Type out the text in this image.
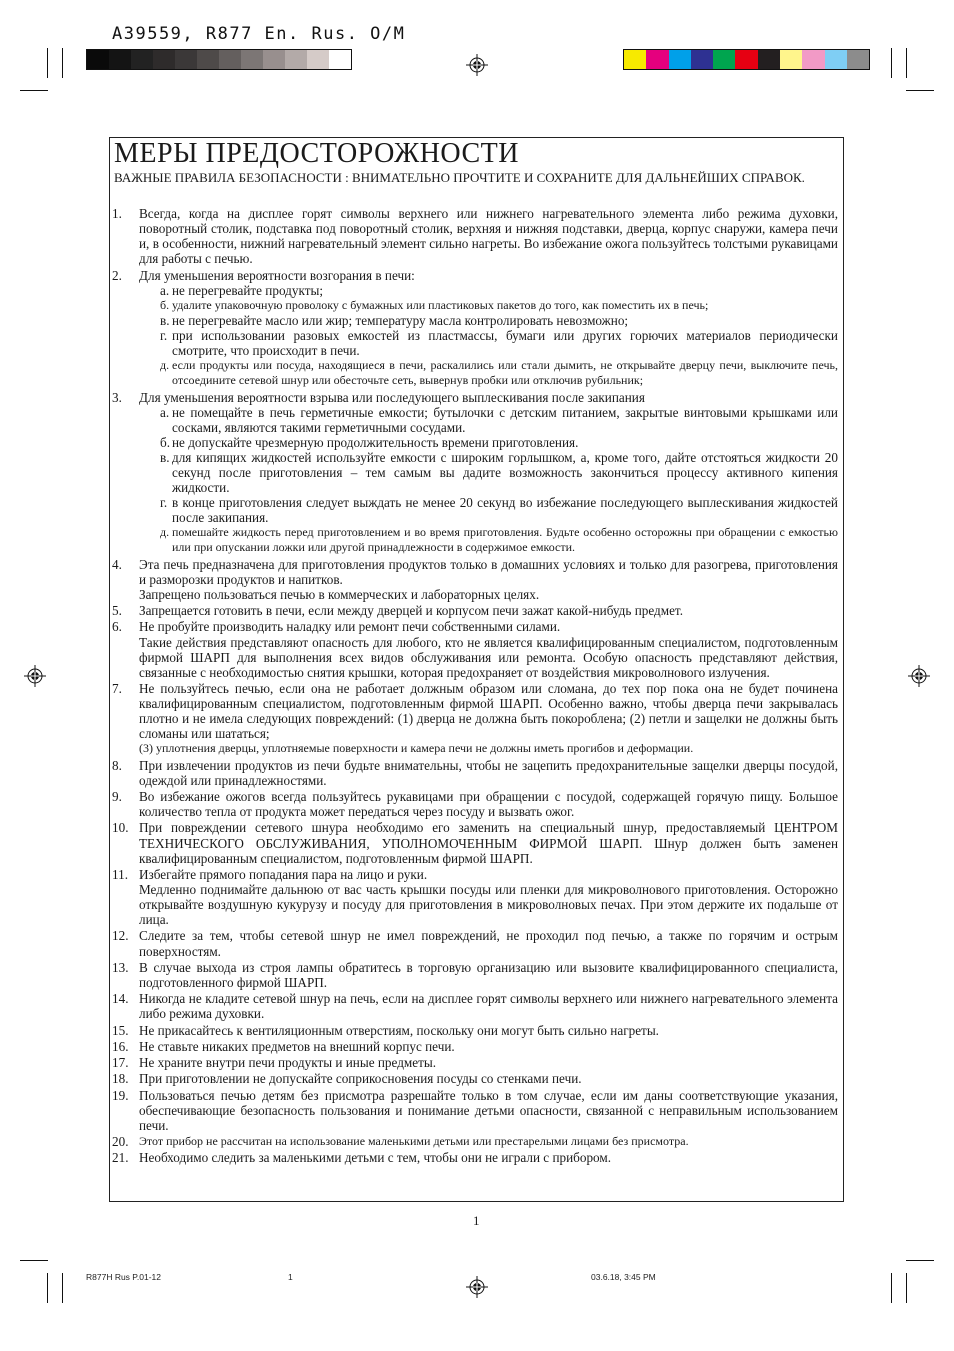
A39559, R877 En. Rus. O/M
МЕРЫ ПРЕДОСТОРОЖНОСТИ

ВАЖНЫЕ ПРАВИЛА БЕЗОПАСНОСТИ : ВНИМАТЕЛЬНО ПРОЧТИТЕ И СОХРАНИТЕ ДЛЯ ДАЛЬНЕЙШИХ СПРАВОК.

1.	Всегда, когда на дисплее горят символы верхнего или нижнего нагревательного элемента либо режима духовки, поворотный столик, подставка под поворотный столик, верхняя и нижняя подставки, дверца, корпус снаружи, камера печи и, в особенности, нижний нагревательный элемент сильно нагреты. Во избежание ожога пользуйтесь толстыми рукавицами для работы с печью.
2.	Для уменьшения вероятности возгорания в печи:
a. не перегревайте продукты;
б. удалите упаковочную проволоку с бумажных или пластиковых пакетов до того, как поместить их в печь;
в. не перегревайте масло или жир; температуру масла контролировать невозможно;
г. при использовании разовых емкостей из пластмассы, бумаги или других горючих материалов периодически смотрите, что происходит в печи.
д. если продукты или посуда, находящиеся в печи, раскалились или стали дымить, не открывайте дверцу печи, выключите печь, отсоедините сетевой шнур или обесточьте сеть, вывернув пробки или отключив рубильник;
3.	Для уменьшения вероятности взрыва или последующего выплескивания после закипания
a. не помещайте в печь герметичные емкости; бутылочки с детским питанием, закрытые винтовыми крышками или сосками, являются такими герметичными сосудами.
б. не допускайте чрезмерную продолжительность времени приготовления.
в. для кипящих жидкостей используйте емкости с широким горлышком, а, кроме того, дайте отстояться жидкости 20 секунд после приготовления – тем самым вы дадите возможность закончиться процессу активного кипения жидкости.
г. в конце приготовления следует выждать не менее 20 секунд во избежание последующего выплескивания жидкостей после закипания.
д. помешайте жидкость перед приготовлением и во время приготовления. Будьте особенно осторожны при обращении с емкостью или при опускании ложки или другой принадлежности в содержимое емкости.
4.	Эта печь предназначена для приготовления продуктов только в домашних условиях и только для разогрева, приготовления и разморозки продуктов и напитков.
Запрещено пользоваться печью в коммерческих и лабораторных целях.
5.	Запрещается готовить в печи, если между дверцей и корпусом печи зажат какой-нибудь предмет.
6.	Не пробуйте производить наладку или ремонт печи собственными силами.
Такие действия представляют опасность для любого, кто не является квалифицированным специалистом, подготовленным фирмой ШАРП для выполнения всех видов обслуживания или ремонта. Особую опасность представляют действия, связанные с необходимостью снятия крышки, которая предохраняет от воздействия микроволнового излучения.
7.	Не пользуйтесь печью, если она не работает должным образом или сломана, до тех пор пока она не будет починена квалифицированным специалистом, подготовленным фирмой ШАРП. Особенно важно, чтобы дверца печи закрывалась плотно и не имела следующих повреждений: (1) дверца не должна быть покороблена; (2) петли и защелки не должны быть сломаны или шататься;
(3) уплотнения дверцы, уплотняемые поверхности и камера печи не должны иметь прогибов и деформации.
8.	При извлечении продуктов из печи будьте внимательны, чтобы не зацепить предохранительные защелки дверцы посудой, одеждой или принадлежностями.
9.	Во избежание ожогов всегда пользуйтесь рукавицами при обращении с посудой, содержащей горячую пищу. Большое количество тепла от продукта может передаться через посуду и вызвать ожог.
10. При повреждении сетевого шнура необходимо его заменить на специальный шнур, предоставляемый ЦЕНТРОМ ТЕХНИЧЕСКОГО ОБСЛУЖИВАНИЯ, УПОЛНОМОЧЕННЫМ ФИРМОЙ ШАРП. Шнур должен быть заменен квалифицированным специалистом, подготовленным фирмой ШАРП.
11. Избегайте прямого попадания пара на лицо и руки.
Медленно поднимайте дальнюю от вас часть крышки посуды или пленки для микроволнового приготовления. Осторожно открывайте воздушную кукурузу и посуду для приготовления в микроволновых печах. При этом держите их подальше от лица.
12. Следите за тем, чтобы сетевой шнур не имел повреждений, не проходил под печью, а также по горячим и острым поверхностям.
13. В случае выхода из строя лампы обратитесь в торговую организацию или вызовите квалифицированного специалиста, подготовленного фирмой ШАРП.
14. Никогда не кладите сетевой шнур на печь, если на дисплее горят символы верхнего или нижнего нагревательного элемента либо режима духовки.
15. Не прикасайтесь к вентиляционным отверстиям, поскольку они могут быть сильно нагреты.
16. Не ставьте никаких предметов на внешний корпус печи.
17. Не храните внутри печи продукты и иные предметы.
18. При приготовлении не допускайте соприкосновения посуды со стенками печи.
19. Пользоваться печью детям без присмотра разрешайте только в том случае, если им даны соответствующие указания, обеспечивающие безопасность пользования и понимание детьми опасности, связанной с неправильным использованием печи.
20. Этот прибор не рассчитан на использование маленькими детьми или престарелыми лицами без присмотра.
21. Необходимо следить за маленькими детьми с тем, чтобы они не играли с прибором.
1
R877H Rus P.01-12	1	03.6.18, 3:45 PM
